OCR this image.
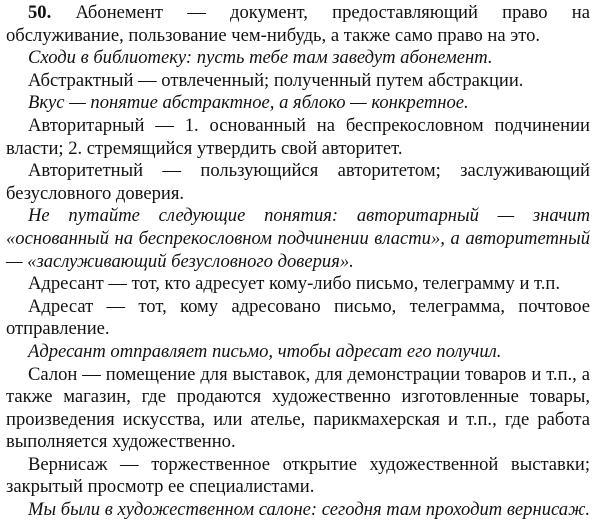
50. Абонемент — документ, предоставляющий право на обслуживание, пользование чем-нибудь, а также само право на это.

Сходи в библиотеку: пусть тебе там заведут абонемент.

Абстрактный — отвлеченный; полученный путем абстракции.

Вкус — понятие абстрактное, а яблоко — конкретное.

Авторитарный — 1. основанный на беспрекословном подчинении власти; 2. стремящийся утвердить свой авторитет.

Авторитетный — пользующийся авторитетом; заслуживающий безусловного доверия.

Не путайте следующие понятия: авторитарный — значит «основанный на беспрекословном подчинении власти», а авторитетный — «заслуживающий безусловного доверия».

Адресант — тот, кто адресует кому-либо письмо, телеграмму и т.п.

Адресат — тот, кому адресовано письмо, телеграмма, почтовое отправление.

Адресант отправляет письмо, чтобы адресат его получил.

Салон — помещение для выставок, для демонстрации товаров и т.п., а также магазин, где продаются художественно изготовленные товары, произведения искусства, или ателье, парикмахерская и т.п., где работа выполняется художественно.

Вернисаж — торжественное открытие художественной выставки; закрытый просмотр ее специалистами.

Мы были в художественном салоне: сегодня там проходит вернисаж.
